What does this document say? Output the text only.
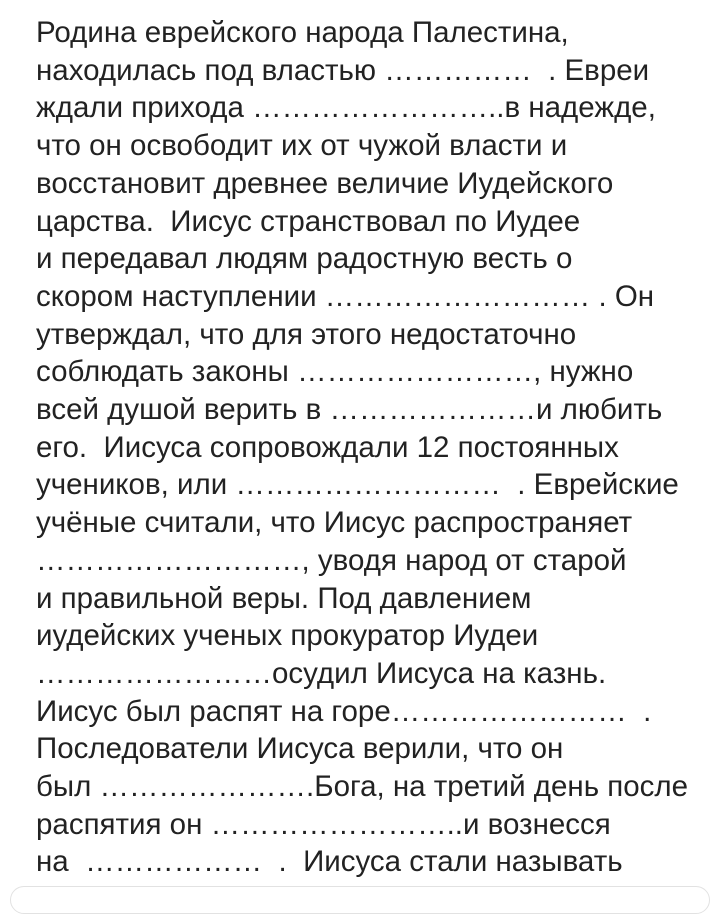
Родина еврейского народа Палестина,
находилась под властью ……………  . Евреи
ждали прихода ……………………..в надежде,
что он освободит их от чужой власти и
восстановит древнее величие Иудейского
царства.  Иисус странствовал по Иудее
и передавал людям радостную весть о
скором наступлении ……………………… . Он
утверждал, что для этого недостаточно
соблюдать законы ……………………, нужно
всей душой верить в …………………и любить
его.  Иисуса сопровождали 12 постоянных
учеников, или ………………………  . Еврейские
учёные считали, что Иисус распространяет
………………………, уводя народ от старой
и правильной веры. Под давлением
иудейских ученых прокуратор Иудеи
……………………осудил Иисуса на казнь.
Иисус был распят на горе……………………  .
Последователи Иисуса верили, что он
был ………………….Бога, на третий день после
распятия он ……………………..и вознесся
на  ………………  .  Иисуса стали называть
